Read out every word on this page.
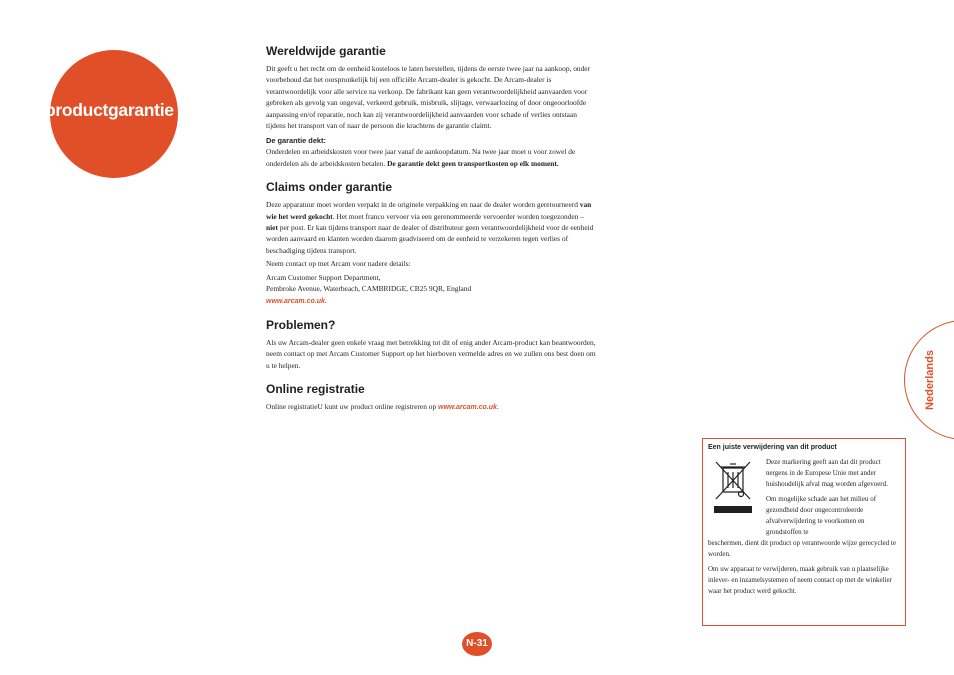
productgarantie
Wereldwijde garantie

Dit geeft u het recht om de eenheid kosteloos te laten herstellen, tijdens de eerste twee jaar na aankoop, onder voorbehoud dat het oorspronkelijk bij een officiële Arcam-dealer is gekocht. De Arcam-dealer is verantwoordelijk voor alle service na verkoop. De fabrikant kan geen verantwoordelijkheid aanvaarden voor gebreken als gevolg van ongeval, verkeerd gebruik, misbruik, slijtage, verwaarlozing of door ongeoorloofde aanpassing en/of reparatie, noch kan zij verantwoordelijkheid aanvaarden voor schade of verlies ontstaan tijdens het transport van of naar de persoon die krachtens de garantie claimt.

De garantie dekt:

Onderdelen en arbeidskosten voor twee jaar vanaf de aankoopdatum. Na twee jaar moet u voor zowel de onderdelen als de arbeidskosten betalen. De garantie dekt geen transportkosten op elk moment.

Claims onder garantie

Deze apparatuur moet worden verpakt in de originele verpakking en naar de dealer worden geretourneerd van wie het werd gekocht. Het moet franco vervoer via een gerenommeerde vervoerder worden toegezonden – niet per post. Er kan tijdens transport naar de dealer of distributeur geen verantwoordelijkheid voor de eenheid worden aanvaard en klanten worden daarom geadviseerd om de eenheid te verzekeren tegen verlies of beschadiging tijdens transport.

Neem contact op met Arcam voor nadere details:

Arcam Customer Support Department,

Pembroke Avenue, Waterbeach, CAMBRIDGE, CB25 9QR, England

www.arcam.co.uk.

Problemen?

Als uw Arcam-dealer geen enkele vraag met betrekking tot dit of enig ander Arcam-product kan beantwoorden, neem contact op met Arcam Customer Support op het hierboven vermelde adres en we zullen ons best doen om u te helpen.

Online registratie

Online registratieU kunt uw product online registreren op www.arcam.co.uk.	Nederlands
Een juiste verwijdering van dit product

Deze markering geeft aan dat dit product nergens in de Europese Unie met ander huishoudelijk afval mag worden afgevoerd.

Om mogelijke schade aan het milieu of gezondheid door ongecontroleerde afvalverwijdering te voorkomen en grondstoffen te

beschermen, dient dit product op verantwoorde wijze gerecycled te worden.

Om uw apparaat te verwijderen, maak gebruik van u plaatselijke inlever- en inzamelsystemen of neem contact op met de winkelier waar het product werd gekocht.

N-31
